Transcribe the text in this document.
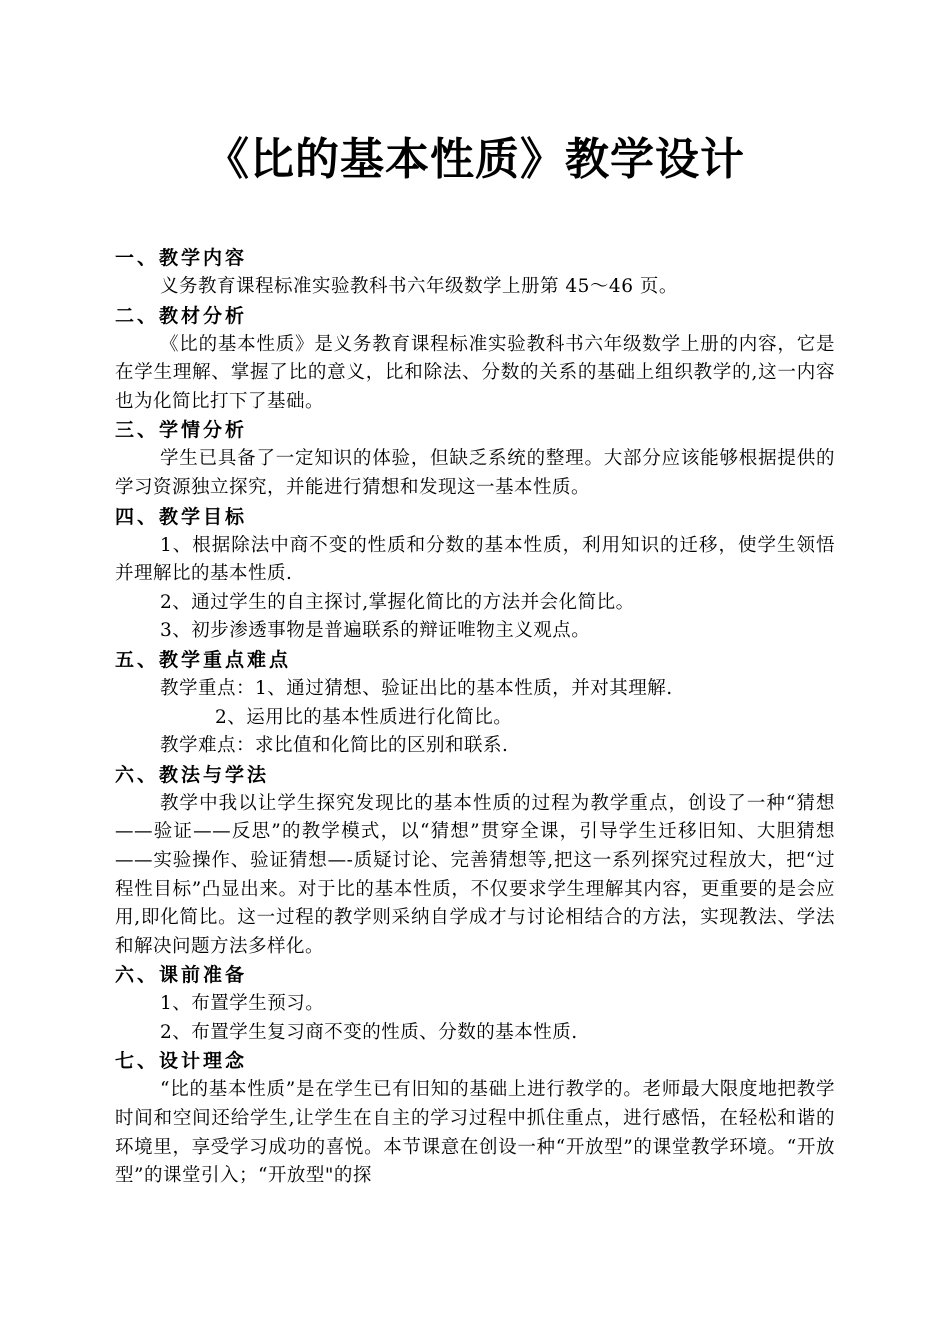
《比的基本性质》教学设计
一、教学内容
义务教育课程标准实验教科书六年级数学上册第 45～46 页。
二、教材分析
《比的基本性质》是义务教育课程标准实验教科书六年级数学上册的内容，它是在学生理解、掌握了比的意义，比和除法、分数的关系的基础上组织教学的,这一内容也为化简比打下了基础。
三、学情分析
学生已具备了一定知识的体验，但缺乏系统的整理。大部分应该能够根据提供的学习资源独立探究，并能进行猜想和发现这一基本性质。
四、教学目标
1、根据除法中商不变的性质和分数的基本性质，利用知识的迁移，使学生领悟并理解比的基本性质.
2、通过学生的自主探讨,掌握化简比的方法并会化简比。
3、初步渗透事物是普遍联系的辩证唯物主义观点。
五、教学重点难点
教学重点：1、通过猜想、验证出比的基本性质，并对其理解.
2、运用比的基本性质进行化简比。
教学难点：求比值和化简比的区别和联系.
六、教法与学法
教学中我以让学生探究发现比的基本性质的过程为教学重点，创设了一种“猜想——验证——反思”的教学模式，以“猜想”贯穿全课，引导学生迁移旧知、大胆猜想——实验操作、验证猜想—-质疑讨论、完善猜想等,把这一系列探究过程放大，把“过程性目标”凸显出来。对于比的基本性质，不仅要求学生理解其内容，更重要的是会应用,即化简比。这一过程的教学则采纳自学成才与讨论相结合的方法，实现教法、学法和解决问题方法多样化。
六、课前准备
1、布置学生预习。
2、布置学生复习商不变的性质、分数的基本性质.
七、设计理念
“比的基本性质”是在学生已有旧知的基础上进行教学的。老师最大限度地把教学时间和空间还给学生,让学生在自主的学习过程中抓住重点，进行感悟，在轻松和谐的环境里，享受学习成功的喜悦。本节课意在创设一种“开放型”的课堂教学环境。“开放型”的课堂引入；“开放型"的探
